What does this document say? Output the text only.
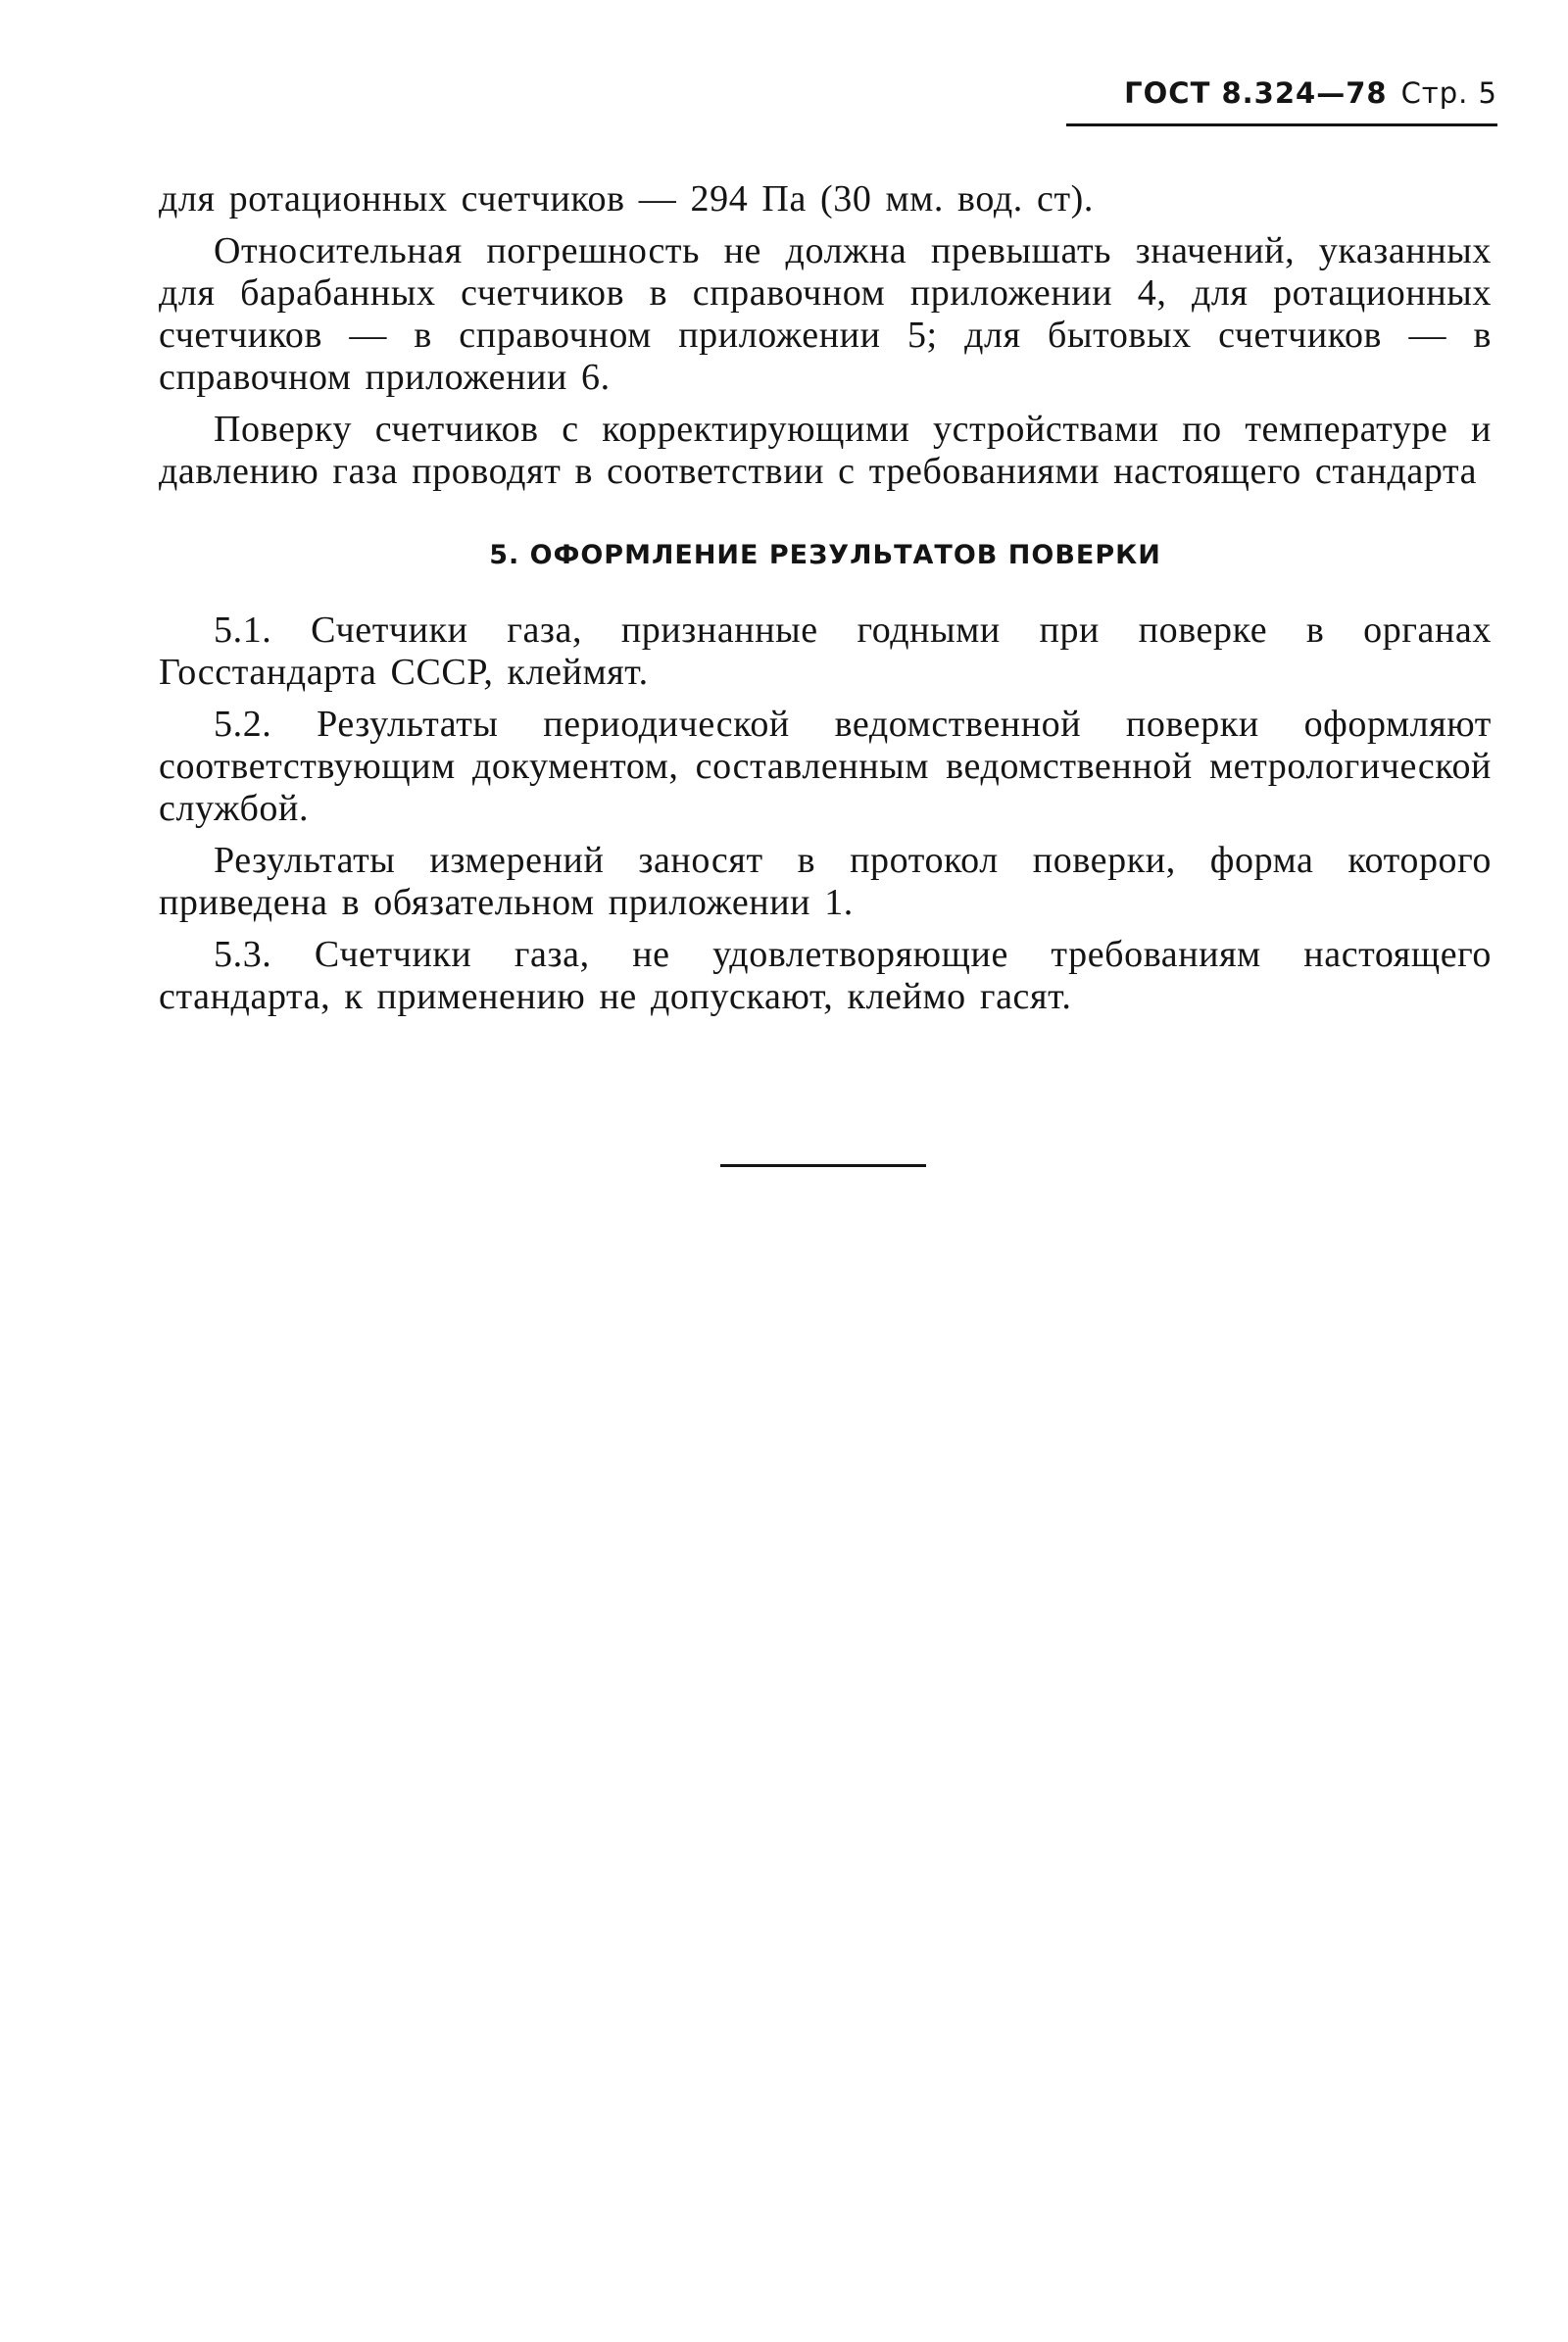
ГОСТ 8.324—78 Стр. 5

для ротационных счетчиков — 294 Па (30 мм. вод. ст).

Относительная погрешность не должна превышать значений, указанных для барабанных счетчиков в справочном приложении 4, для ротационных счетчиков — в справочном приложении 5; для бытовых счетчиков — в справочном приложении 6.

Поверку счетчиков с корректирующими устройствами по температуре и давлению газа проводят в соответствии с требованиями настоящего стандарта

5. ОФОРМЛЕНИЕ РЕЗУЛЬТАТОВ ПОВЕРКИ

5.1. Счетчики газа, признанные годными при поверке в органах Госстандарта СССР, клеймят.

5.2. Результаты периодической ведомственной поверки оформляют соответствующим документом, составленным ведомственной метрологической службой.

Результаты измерений заносят в протокол поверки, форма которого приведена в обязательном приложении 1.

5.3. Счетчики газа, не удовлетворяющие требованиям настоящего стандарта, к применению не допускают, клеймо гасят.
